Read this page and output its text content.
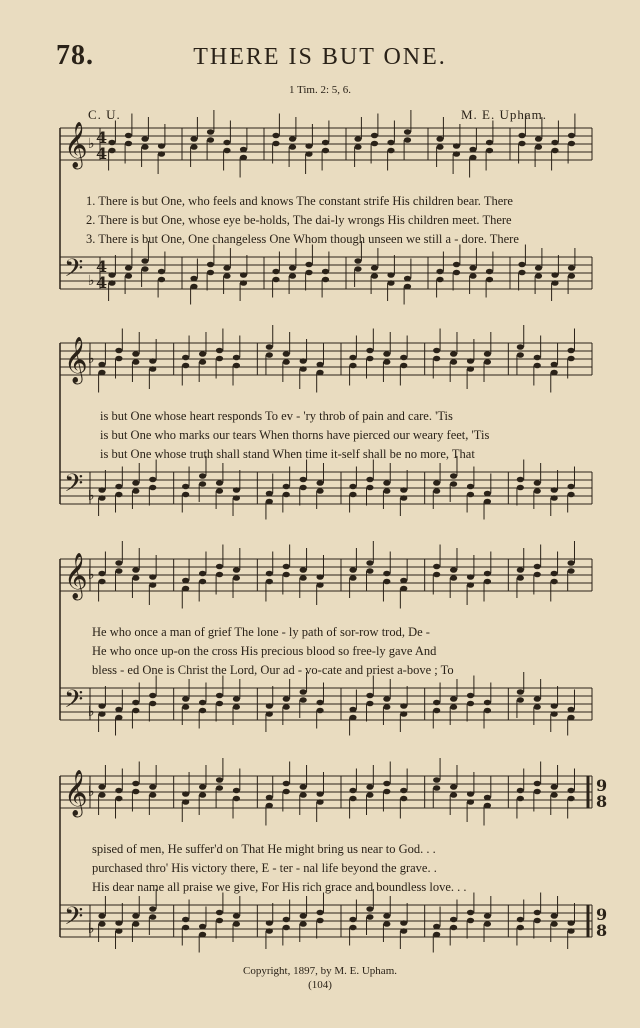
78.	THERE IS BUT ONE.
1 Tim. 2: 5, 6.
C. U.	M. E. Upham.
𝄞
𝄢
♭
♭
4
4
4
4
𝄞
𝄢
♭
♭
𝄞
𝄢
♭
♭
𝄞
𝄢
♭
♭
9
8
9
8
1. There is but One, who feels and knows The constant strife His children bear. There
2. There is but One, whose eye be-holds, The dai-ly wrongs His children meet. There
3. There is but One, One changeless One Whom though unseen we still a - dore. There
is but One whose heart responds To ev - 'ry throb of pain and care. 'Tis
is but One who marks our tears When thorns have pierced our weary feet, 'Tis
is but One whose truth shall stand When time it-self shall be no more, That
He who once a man of grief The lone - ly path of sor-row trod, De -
He who once up-on the cross His precious blood so free-ly gave And
bless - ed One is Christ the Lord, Our ad - vo-cate and priest a-bove ; To
spised of men, He suffer'd on That He might bring us near to God. . .
purchased thro' His victory there, E - ter - nal life beyond the grave. .
His dear name all praise we give, For His rich grace and boundless love. . .
Copyright, 1897, by M. E. Upham.
(104)
